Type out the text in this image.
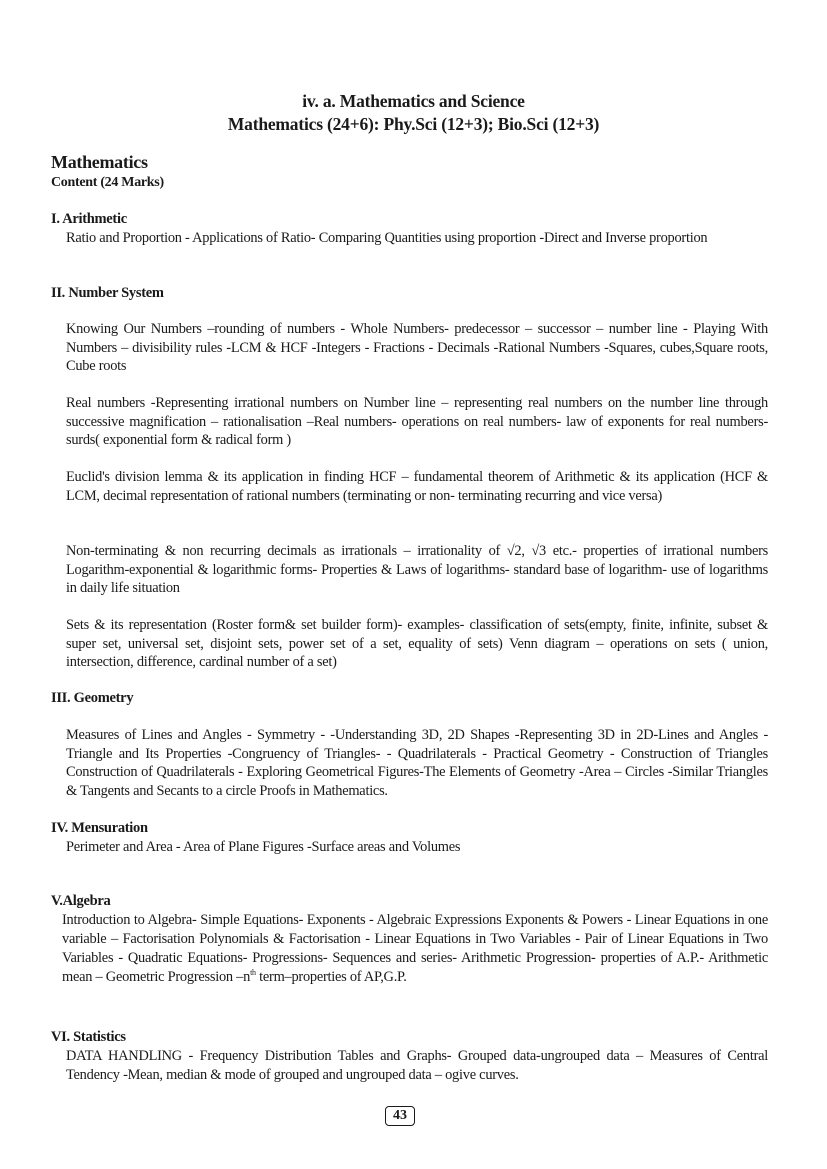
iv. a. Mathematics and Science
Mathematics (24+6): Phy.Sci (12+3); Bio.Sci (12+3)
Mathematics
Content (24 Marks)
I. Arithmetic
Ratio and Proportion - Applications of Ratio- Comparing Quantities using proportion -Direct and Inverse proportion
II. Number System
Knowing Our Numbers –rounding of numbers - Whole Numbers- predecessor – successor – number line - Playing With Numbers – divisibility rules -LCM & HCF -Integers - Fractions - Decimals -Rational Numbers -Squares, cubes,Square roots, Cube roots
Real numbers -Representing irrational numbers on Number line – representing real numbers on the number line through successive magnification – rationalisation –Real numbers- operations on real numbers- law of exponents for real numbers- surds( exponential form & radical form )
Euclid's division lemma & its application in finding HCF – fundamental theorem of Arithmetic & its application (HCF & LCM, decimal representation of rational numbers (terminating or non- terminating recurring and vice versa)
Non-terminating & non recurring decimals as irrationals – irrationality of √2, √3 etc.- properties of irrational numbers Logarithm-exponential & logarithmic forms- Properties & Laws of logarithms- standard base of logarithm- use of logarithms in daily life situation
Sets & its representation (Roster form& set builder form)- examples- classification of sets(empty, finite, infinite, subset & super set, universal set, disjoint sets, power set of a set, equality of sets) Venn diagram – operations on sets ( union, intersection, difference, cardinal number of a set)
III. Geometry
Measures of Lines and Angles - Symmetry - -Understanding 3D, 2D Shapes -Representing 3D in 2D-Lines and Angles - Triangle and Its Properties -Congruency of Triangles- - Quadrilaterals - Practical Geometry - Construction of Triangles Construction of Quadrilaterals - Exploring Geometrical Figures-The Elements of Geometry -Area – Circles -Similar Triangles & Tangents and Secants to a circle Proofs in Mathematics.
IV. Mensuration
Perimeter and Area - Area of Plane Figures -Surface areas and Volumes
V.Algebra
Introduction to Algebra- Simple Equations- Exponents - Algebraic Expressions Exponents & Powers - Linear Equations in one variable – Factorisation Polynomials & Factorisation - Linear Equations in Two Variables - Pair of Linear Equations in Two Variables - Quadratic Equations- Progressions- Sequences and series- Arithmetic Progression- properties of A.P.- Arithmetic mean – Geometric Progression $-n^{th}$ term–properties of AP,G.P.
VI. Statistics
DATA HANDLING - Frequency Distribution Tables and Graphs- Grouped data-ungrouped data – Measures of Central Tendency -Mean, median & mode of grouped and ungrouped data – ogive curves.
43
